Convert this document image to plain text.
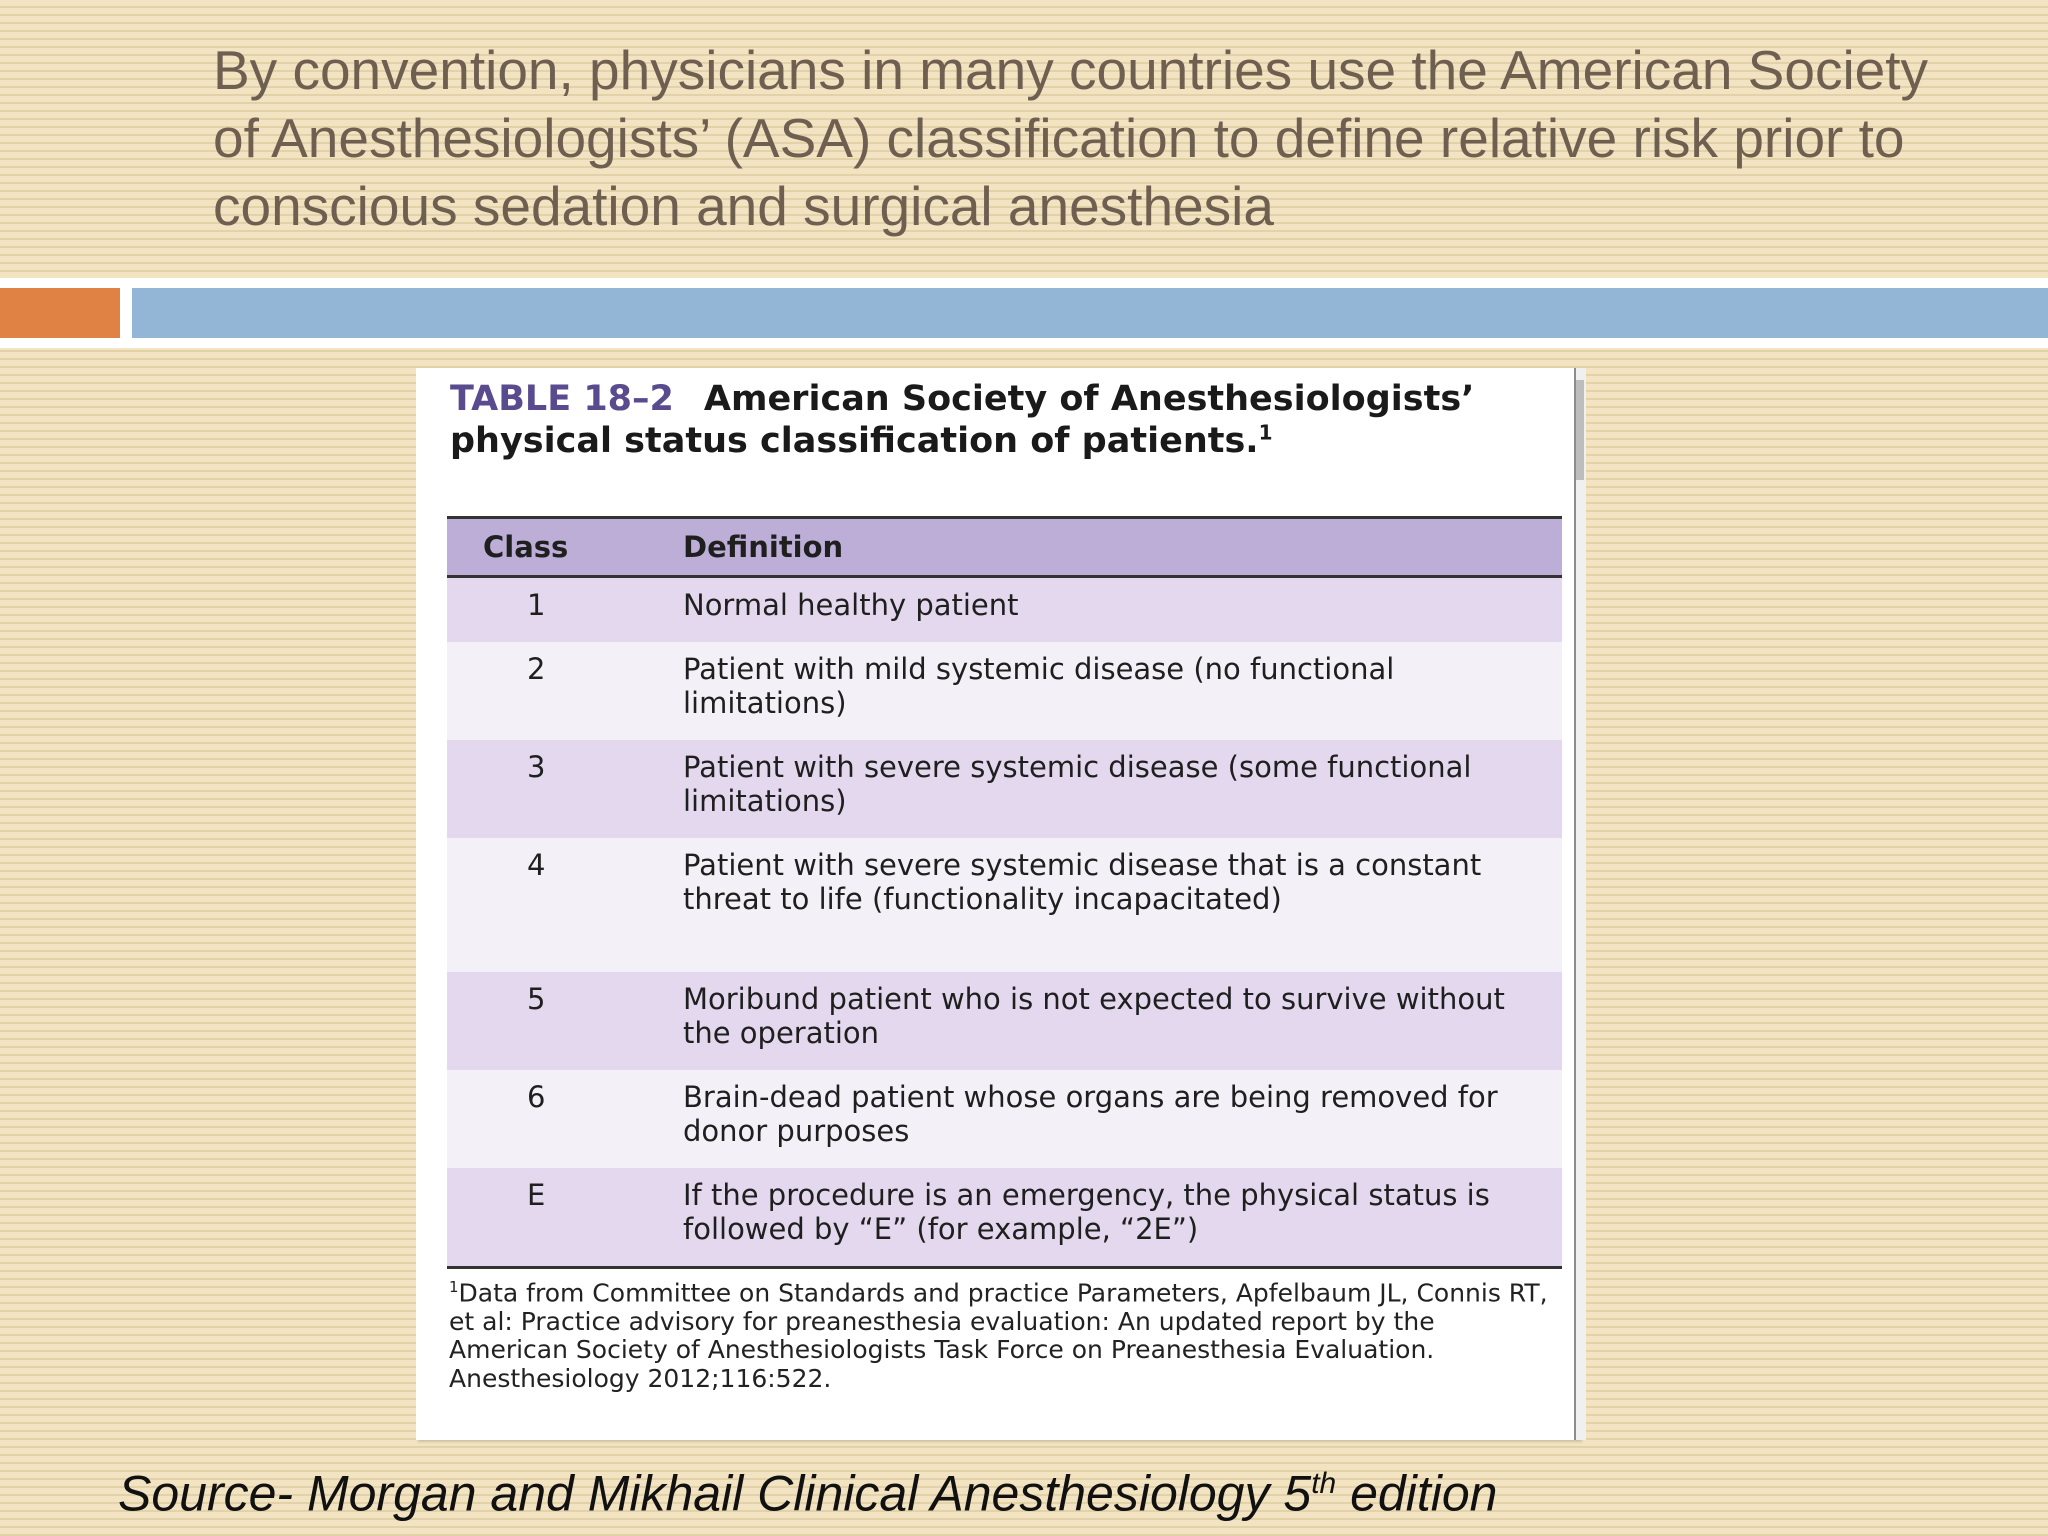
By convention, physicians in many countries use the American Society of Anesthesiologists’ (ASA) classification to define relative risk prior to conscious sedation and surgical anesthesia
TABLE 18–2 American Society of Anesthesiologists’ physical status classification of patients.$^1$
Class	Definition
1	Normal healthy patient
2	Patient with mild systemic disease (no functional limitations)
3	Patient with severe systemic disease (some functional limitations)
4	Patient with severe systemic disease that is a constant threat to life (functionality incapacitated)
5	Moribund patient who is not expected to survive without the operation
6	Brain-dead patient whose organs are being removed for donor purposes
E	If the procedure is an emergency, the physical status is followed by “E” (for example, “2E”)
$^1$Data from Committee on Standards and practice Parameters, Apfelbaum JL, Connis RT, et al: Practice advisory for preanesthesia evaluation: An updated report by the American Society of Anesthesiologists Task Force on Preanesthesia Evaluation. Anesthesiology 2012;116:522.
Source- Morgan and Mikhail Clinical Anesthesiology 5th edition
